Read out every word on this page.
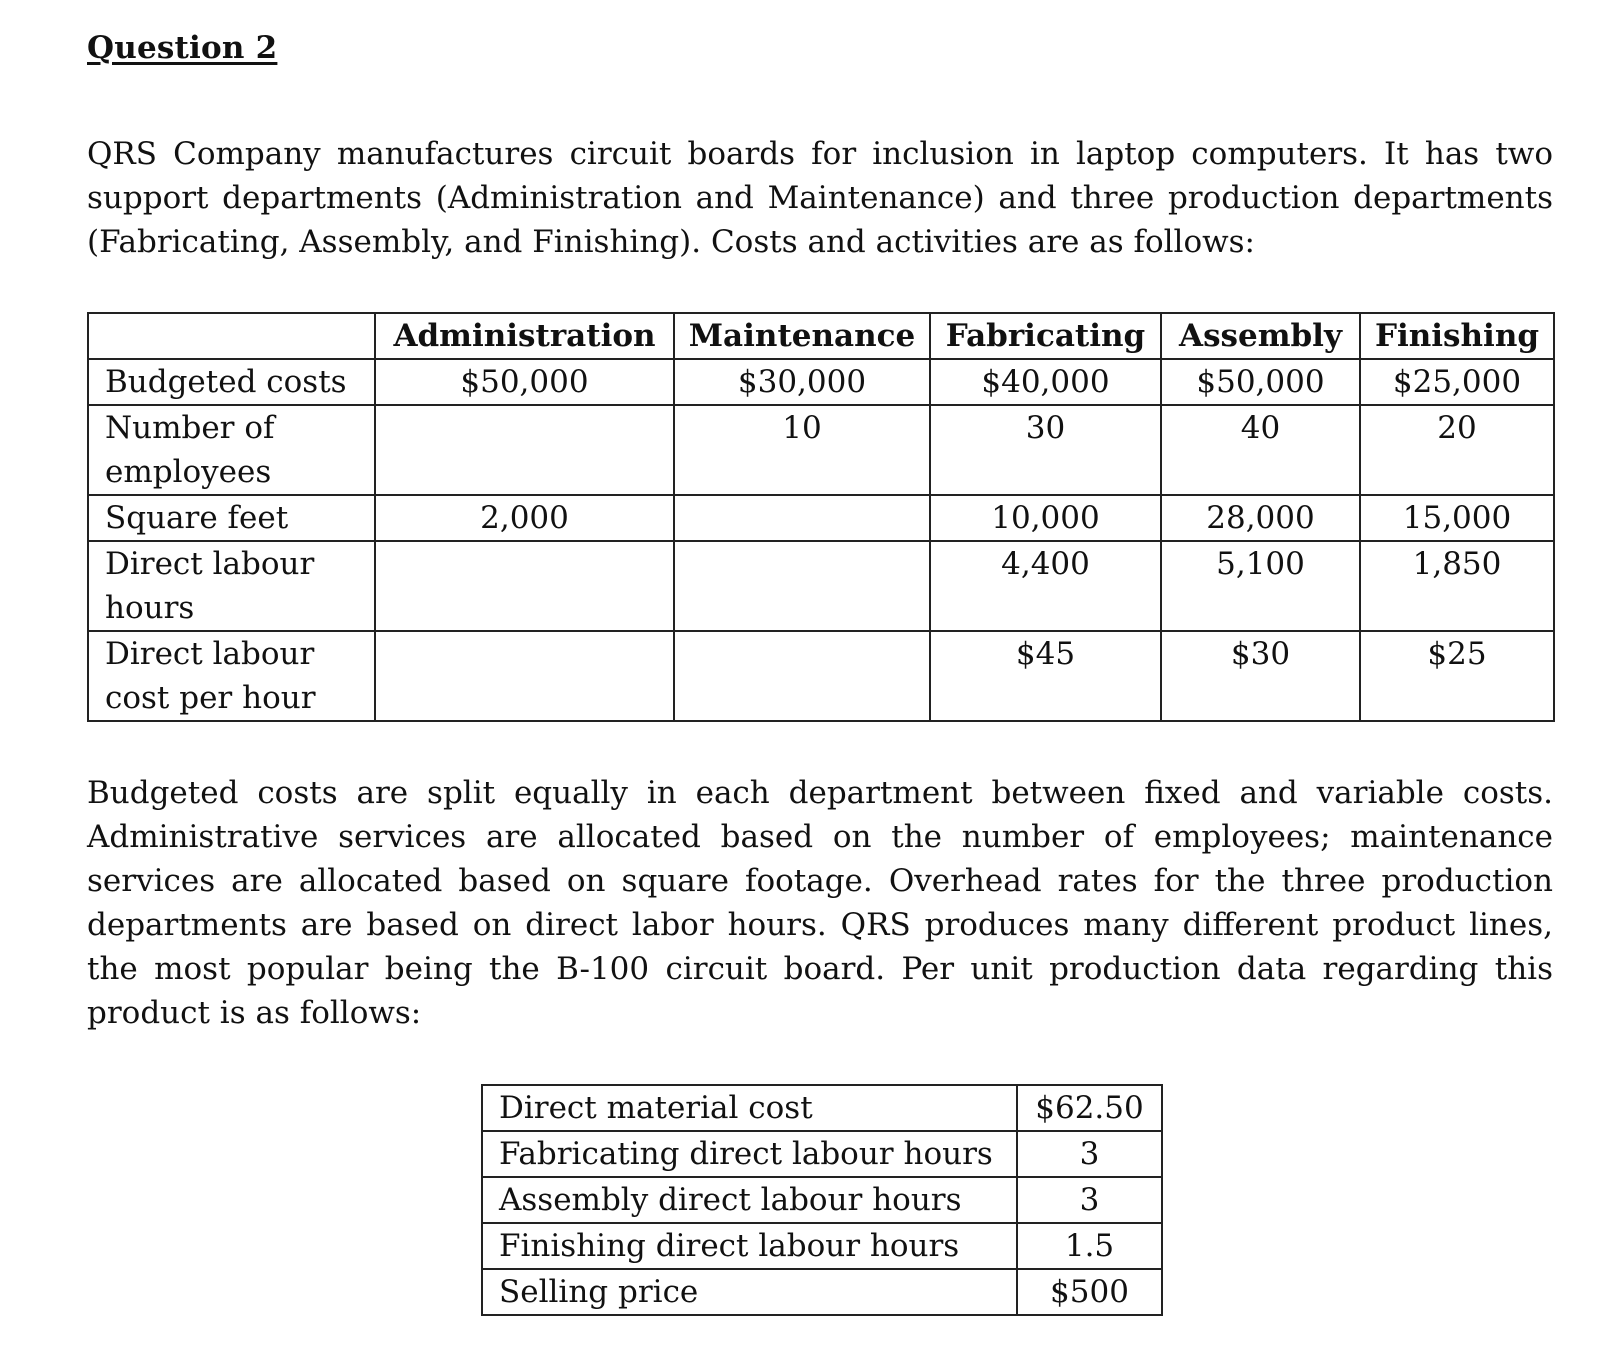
Question 2

QRS Company manufactures circuit boards for inclusion in laptop computers. It has two support departments (Administration and Maintenance) and three production departments (Fabricating, Assembly, and Finishing). Costs and activities are as follows:

	Administration	Maintenance	Fabricating	Assembly	Finishing
Budgeted costs	$50,000	$30,000	$40,000	$50,000	$25,000
Number of employees		10	30	40	20
Square feet	2,000		10,000	28,000	15,000
Direct labour hours			4,400	5,100	1,850
Direct labour cost per hour			$45	$30	$25

Budgeted costs are split equally in each department between fixed and variable costs. Administrative services are allocated based on the number of employees; maintenance services are allocated based on square footage. Overhead rates for the three production departments are based on direct labor hours. QRS produces many different product lines, the most popular being the B-100 circuit board. Per unit production data regarding this product is as follows:

Direct material cost	$62.50
Fabricating direct labour hours	3
Assembly direct labour hours	3
Finishing direct labour hours	1.5
Selling price	$500
